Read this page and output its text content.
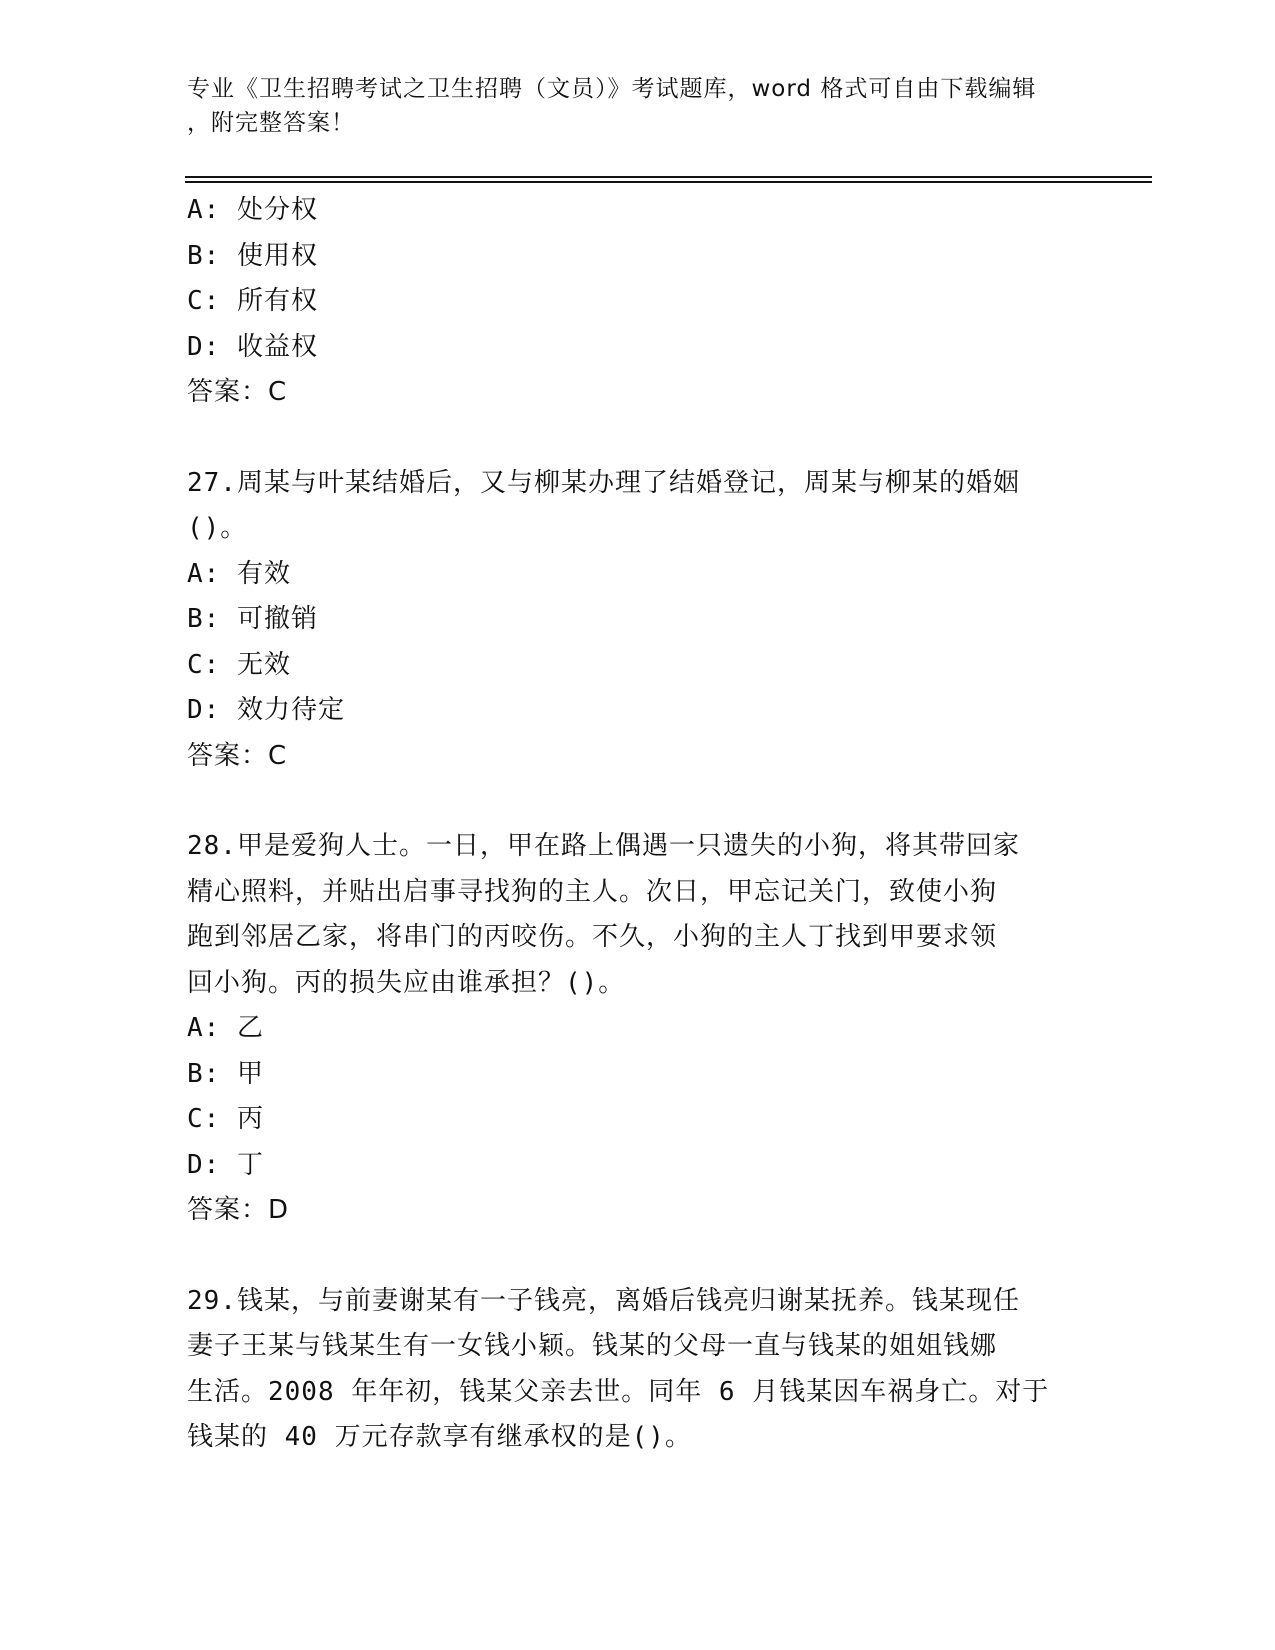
专业《卫生招聘考试之卫生招聘（文员）》考试题库，word 格式可自由下载编辑
，附完整答案！
A: 处分权
B: 使用权
C: 所有权
D: 收益权
答案：C
27.周某与叶某结婚后，又与柳某办理了结婚登记，周某与柳某的婚姻
()。
A: 有效
B: 可撤销
C: 无效
D: 效力待定
答案：C
28.甲是爱狗人士。一日，甲在路上偶遇一只遗失的小狗，将其带回家
精心照料，并贴出启事寻找狗的主人。次日，甲忘记关门，致使小狗
跑到邻居乙家，将串门的丙咬伤。不久，小狗的主人丁找到甲要求领
回小狗。丙的损失应由谁承担？()。
A: 乙
B: 甲
C: 丙
D: 丁
答案：D
29.钱某，与前妻谢某有一子钱亮，离婚后钱亮归谢某抚养。钱某现任
妻子王某与钱某生有一女钱小颖。钱某的父母一直与钱某的姐姐钱娜
生活。2008 年年初，钱某父亲去世。同年 6 月钱某因车祸身亡。对于
钱某的 40 万元存款享有继承权的是()。
